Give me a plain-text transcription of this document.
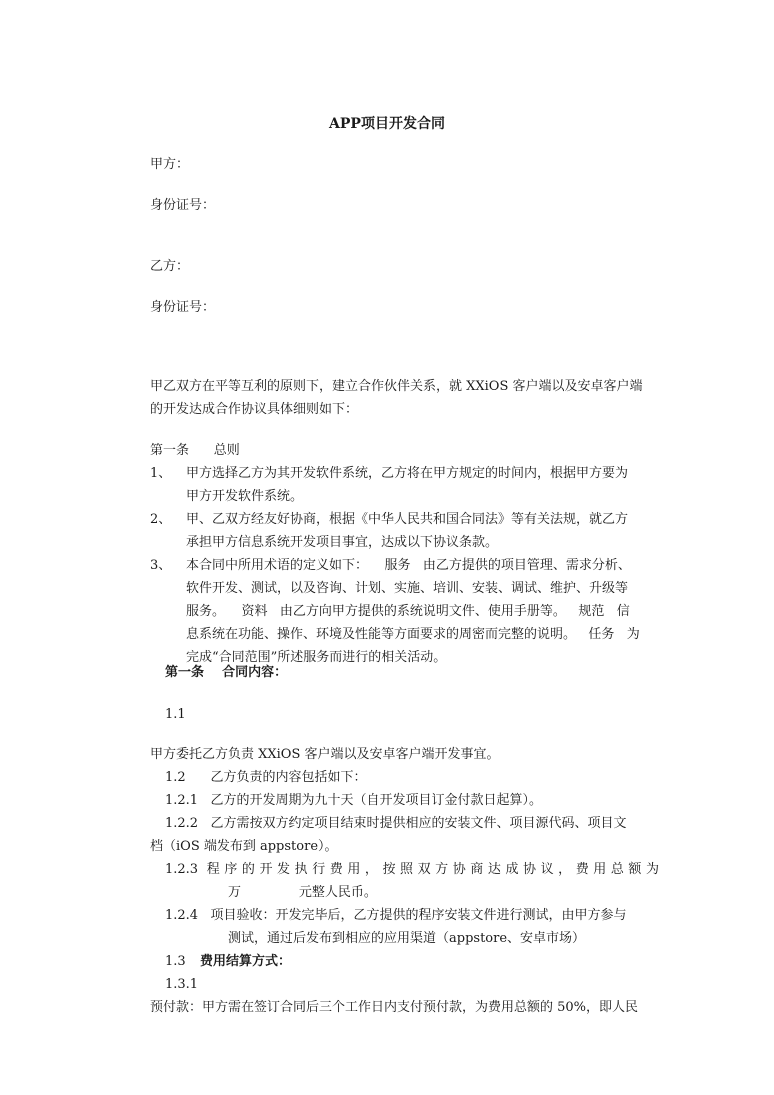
APP项目开发合同
甲方：
身份证号：
乙方：
身份证号：
甲乙双方在平等互利的原则下，建立合作伙伴关系，就 XXiOS 客户端以及安卓客户端
的开发达成合作协议具体细则如下：
第一条      总则
1、 甲方选择乙方为其开发软件系统，乙方将在甲方规定的时间内，根据甲方要为
甲方开发软件系统。
2、 甲、乙双方经友好协商，根据《中华人民共和国合同法》等有关法规，就乙方
承担甲方信息系统开发项目事宜，达成以下协议条款。
3、 本合同中所用术语的定义如下：    服务   由乙方提供的项目管理、需求分析、
软件开发、测试，以及咨询、计划、实施、培训、安装、调试、维护、升级等
服务。    资料   由乙方向甲方提供的系统说明文件、使用手册等。   规范   信
息系统在功能、操作、环境及性能等方面要求的周密而完整的说明。   任务   为
完成“合同范围”所述服务而进行的相关活动。
第一条    合同内容：
1.1
甲方委托乙方负责 XXiOS 客户端以及安卓客户端开发事宜。
1.2      乙方负责的内容包括如下：
1.2.1   乙方的开发周期为九十天（自开发项目订金付款日起算）。
1.2.2   乙方需按双方约定项目结束时提供相应的安装文件、项目源代码、项目文
档（iOS 端发布到 appstore）。
1.2.3 程序的开发执行费用，按照双方协商达成协议，费用总额为
万              元整人民币。
1.2.4   项目验收：开发完毕后，乙方提供的程序安装文件进行测试，由甲方参与
测试，通过后发布到相应的应用渠道（appstore、安卓市场）
1.3 费用结算方式：
1.3.1
预付款：甲方需在签订合同后三个工作日内支付预付款，为费用总额的 50%，即人民
